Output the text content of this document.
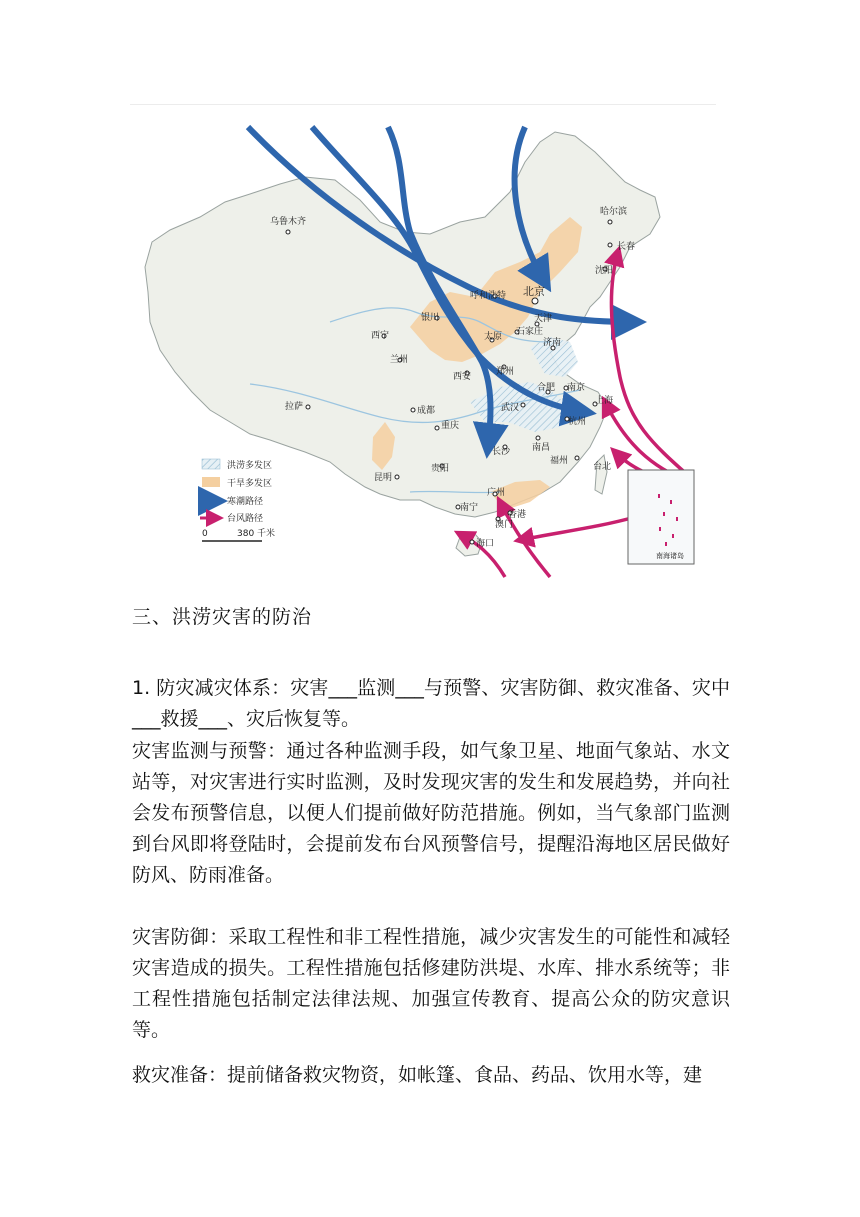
南海诸岛
乌鲁木齐
哈尔滨
长春
沈阳
呼和浩特 北京
天津
银川
石家庄
太原
济南
西宁
兰州
郑州
西安
合肥 南京
上海
拉萨	成都	武汉
杭州
重庆
南昌
长沙
福州
台北
贵阳
昆明
广州
南宁
香港
澳门
海口
洪涝多发区
干旱多发区
寒潮路径
台风路径
0	380 千米
三、洪涝灾害的防治
1. 防灾减灾体系：灾害___监测___与预警、灾害防御、救灾准备、灾中___救援___、灾后恢复等。
灾害监测与预警：通过各种监测手段，如气象卫星、地面气象站、水文站等，对灾害进行实时监测，及时发现灾害的发生和发展趋势，并向社会发布预警信息，以便人们提前做好防范措施。例如，当气象部门监测到台风即将登陆时，会提前发布台风预警信号，提醒沿海地区居民做好防风、防雨准备。
灾害防御：采取工程性和非工程性措施，减少灾害发生的可能性和减轻灾害造成的损失。工程性措施包括修建防洪堤、水库、排水系统等；非工程性措施包括制定法律法规、加强宣传教育、提高公众的防灾意识等。
救灾准备：提前储备救灾物资，如帐篷、食品、药品、饮用水等，建
